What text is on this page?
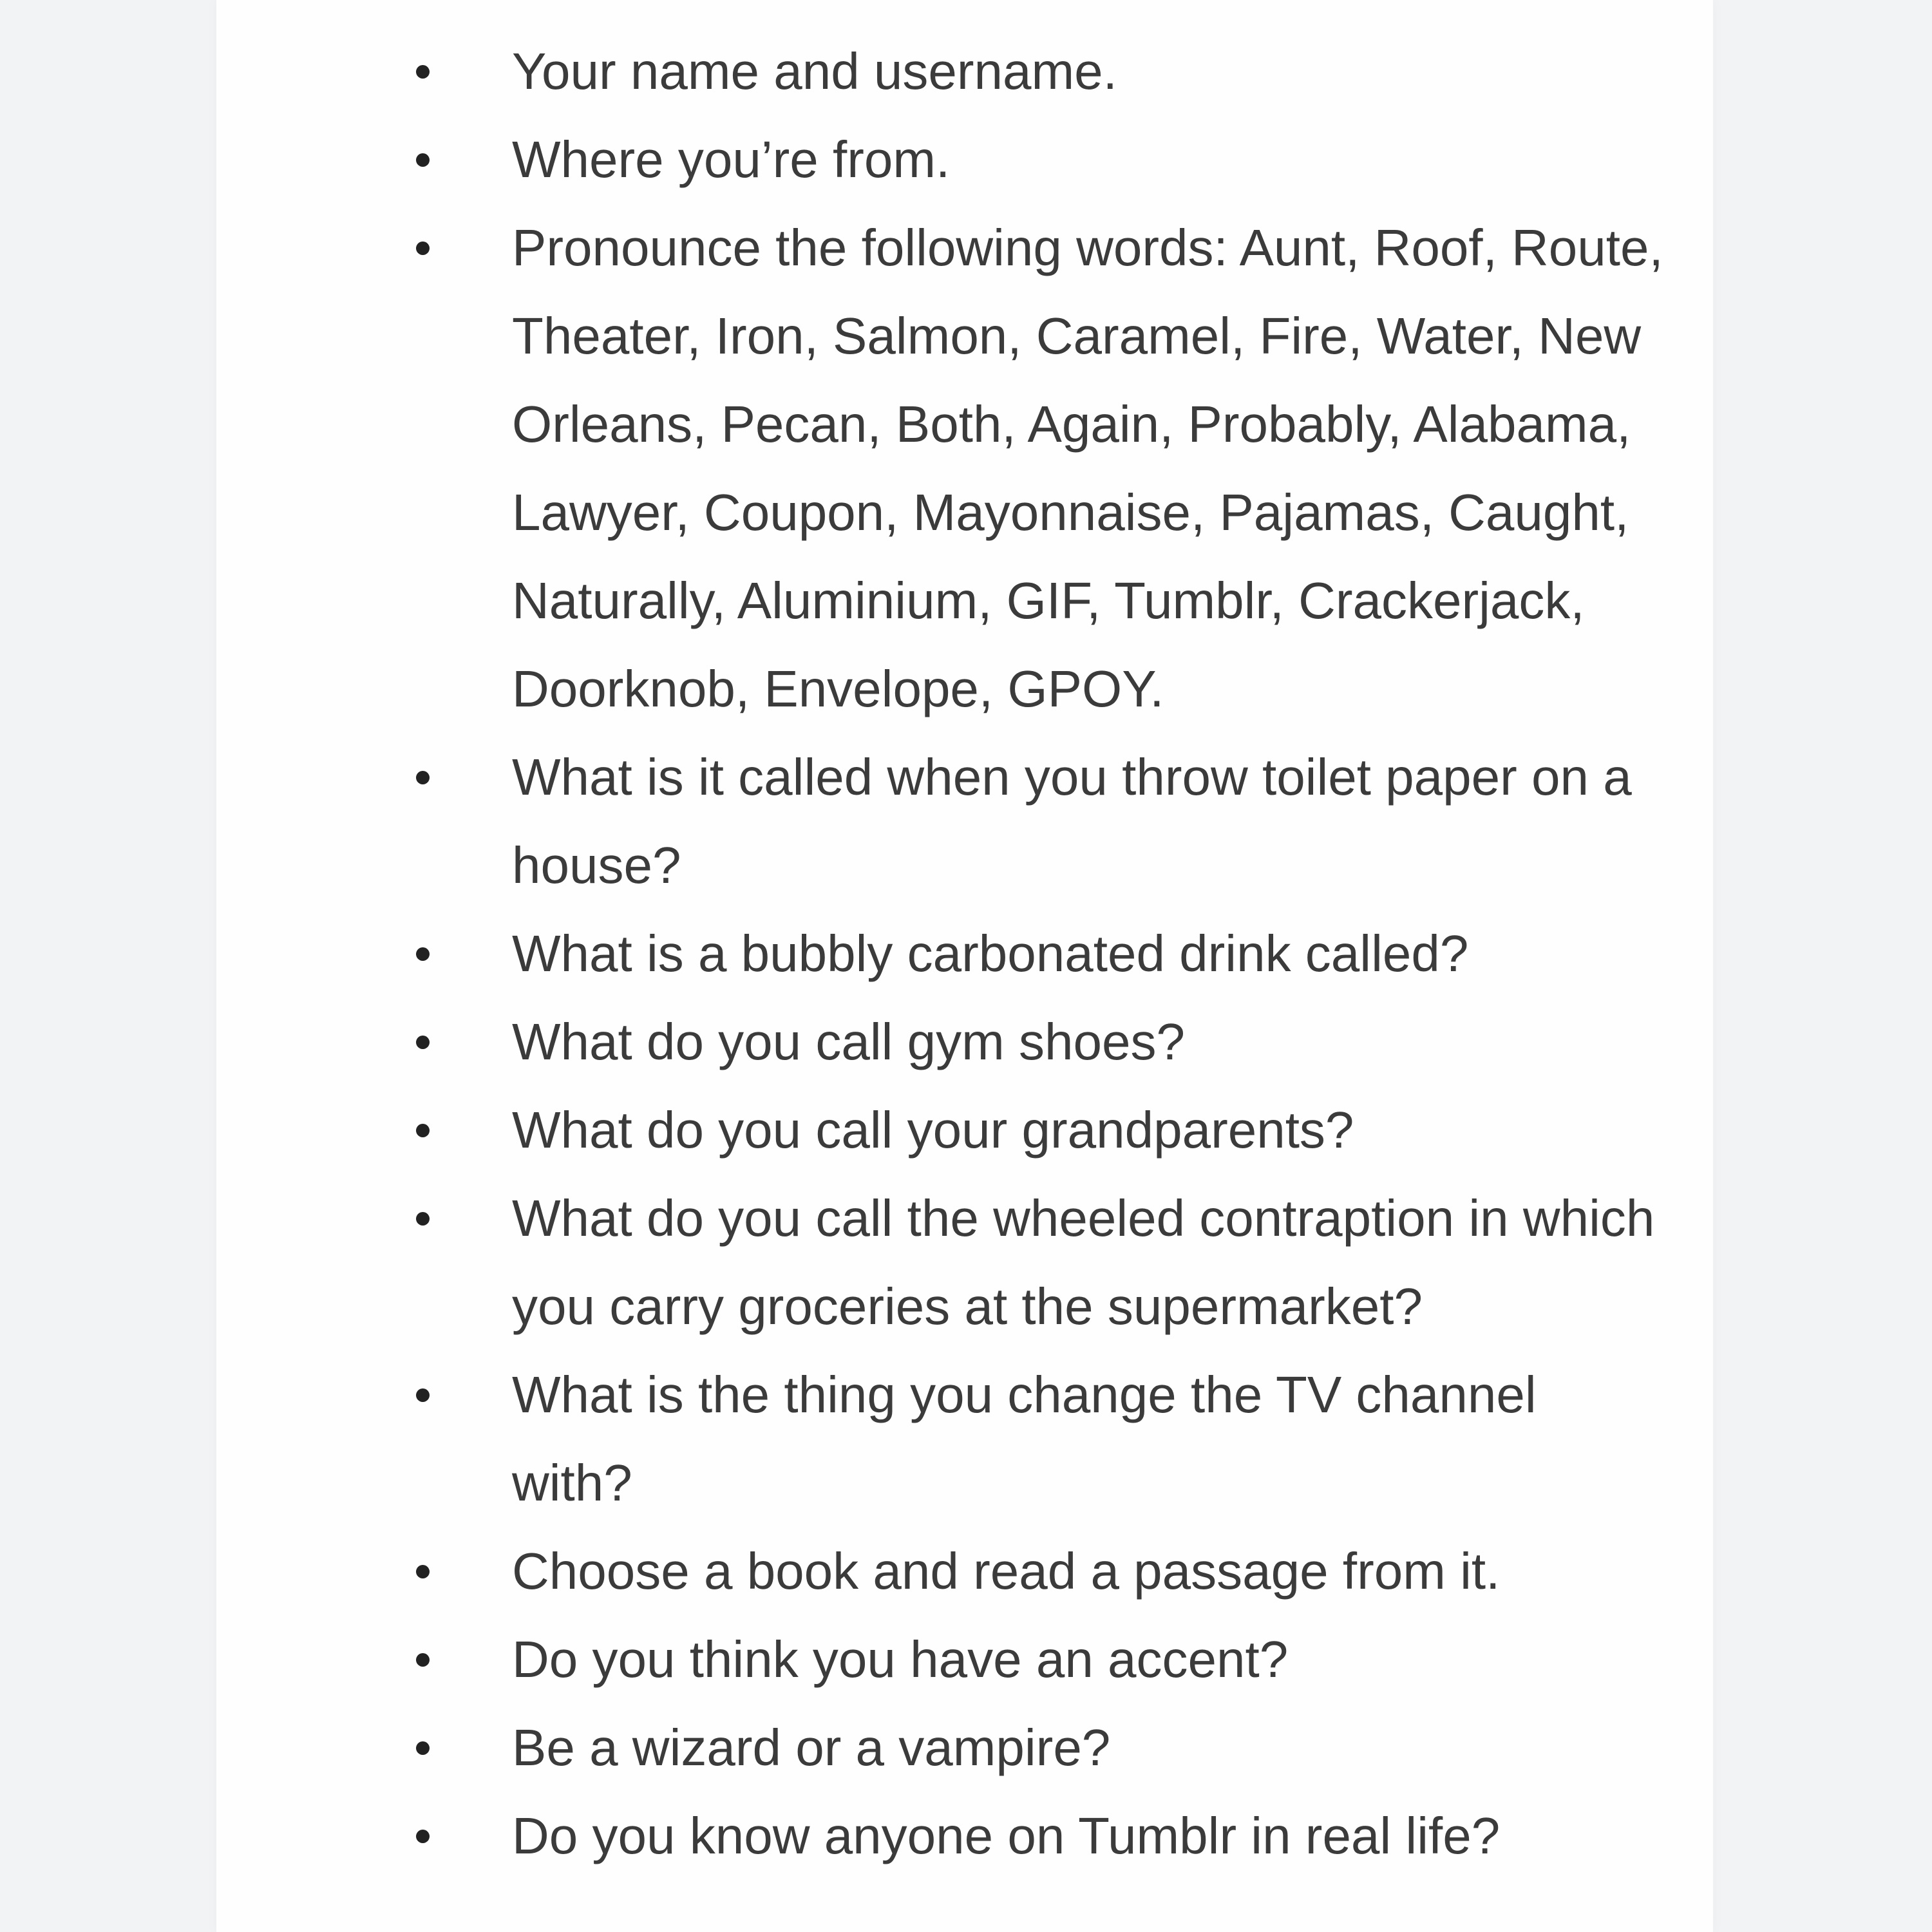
Your name and username.
Where you’re from.
Pronounce the following words: Aunt, Roof, Route, Theater, Iron, Salmon, Caramel, Fire, Water, New Orleans, Pecan, Both, Again, Probably, Alabama, Lawyer, Coupon, Mayonnaise, Pajamas, Caught, Naturally, Aluminium, GIF, Tumblr, Crackerjack, Doorknob, Envelope, GPOY.
What is it called when you throw toilet paper on a house?
What is a bubbly carbonated drink called?
What do you call gym shoes?
What do you call your grandparents?
What do you call the wheeled contraption in which you carry groceries at the supermarket?
What is the thing you change the TV channel with?
Choose a book and read a passage from it.
Do you think you have an accent?
Be a wizard or a vampire?
Do you know anyone on Tumblr in real life?
